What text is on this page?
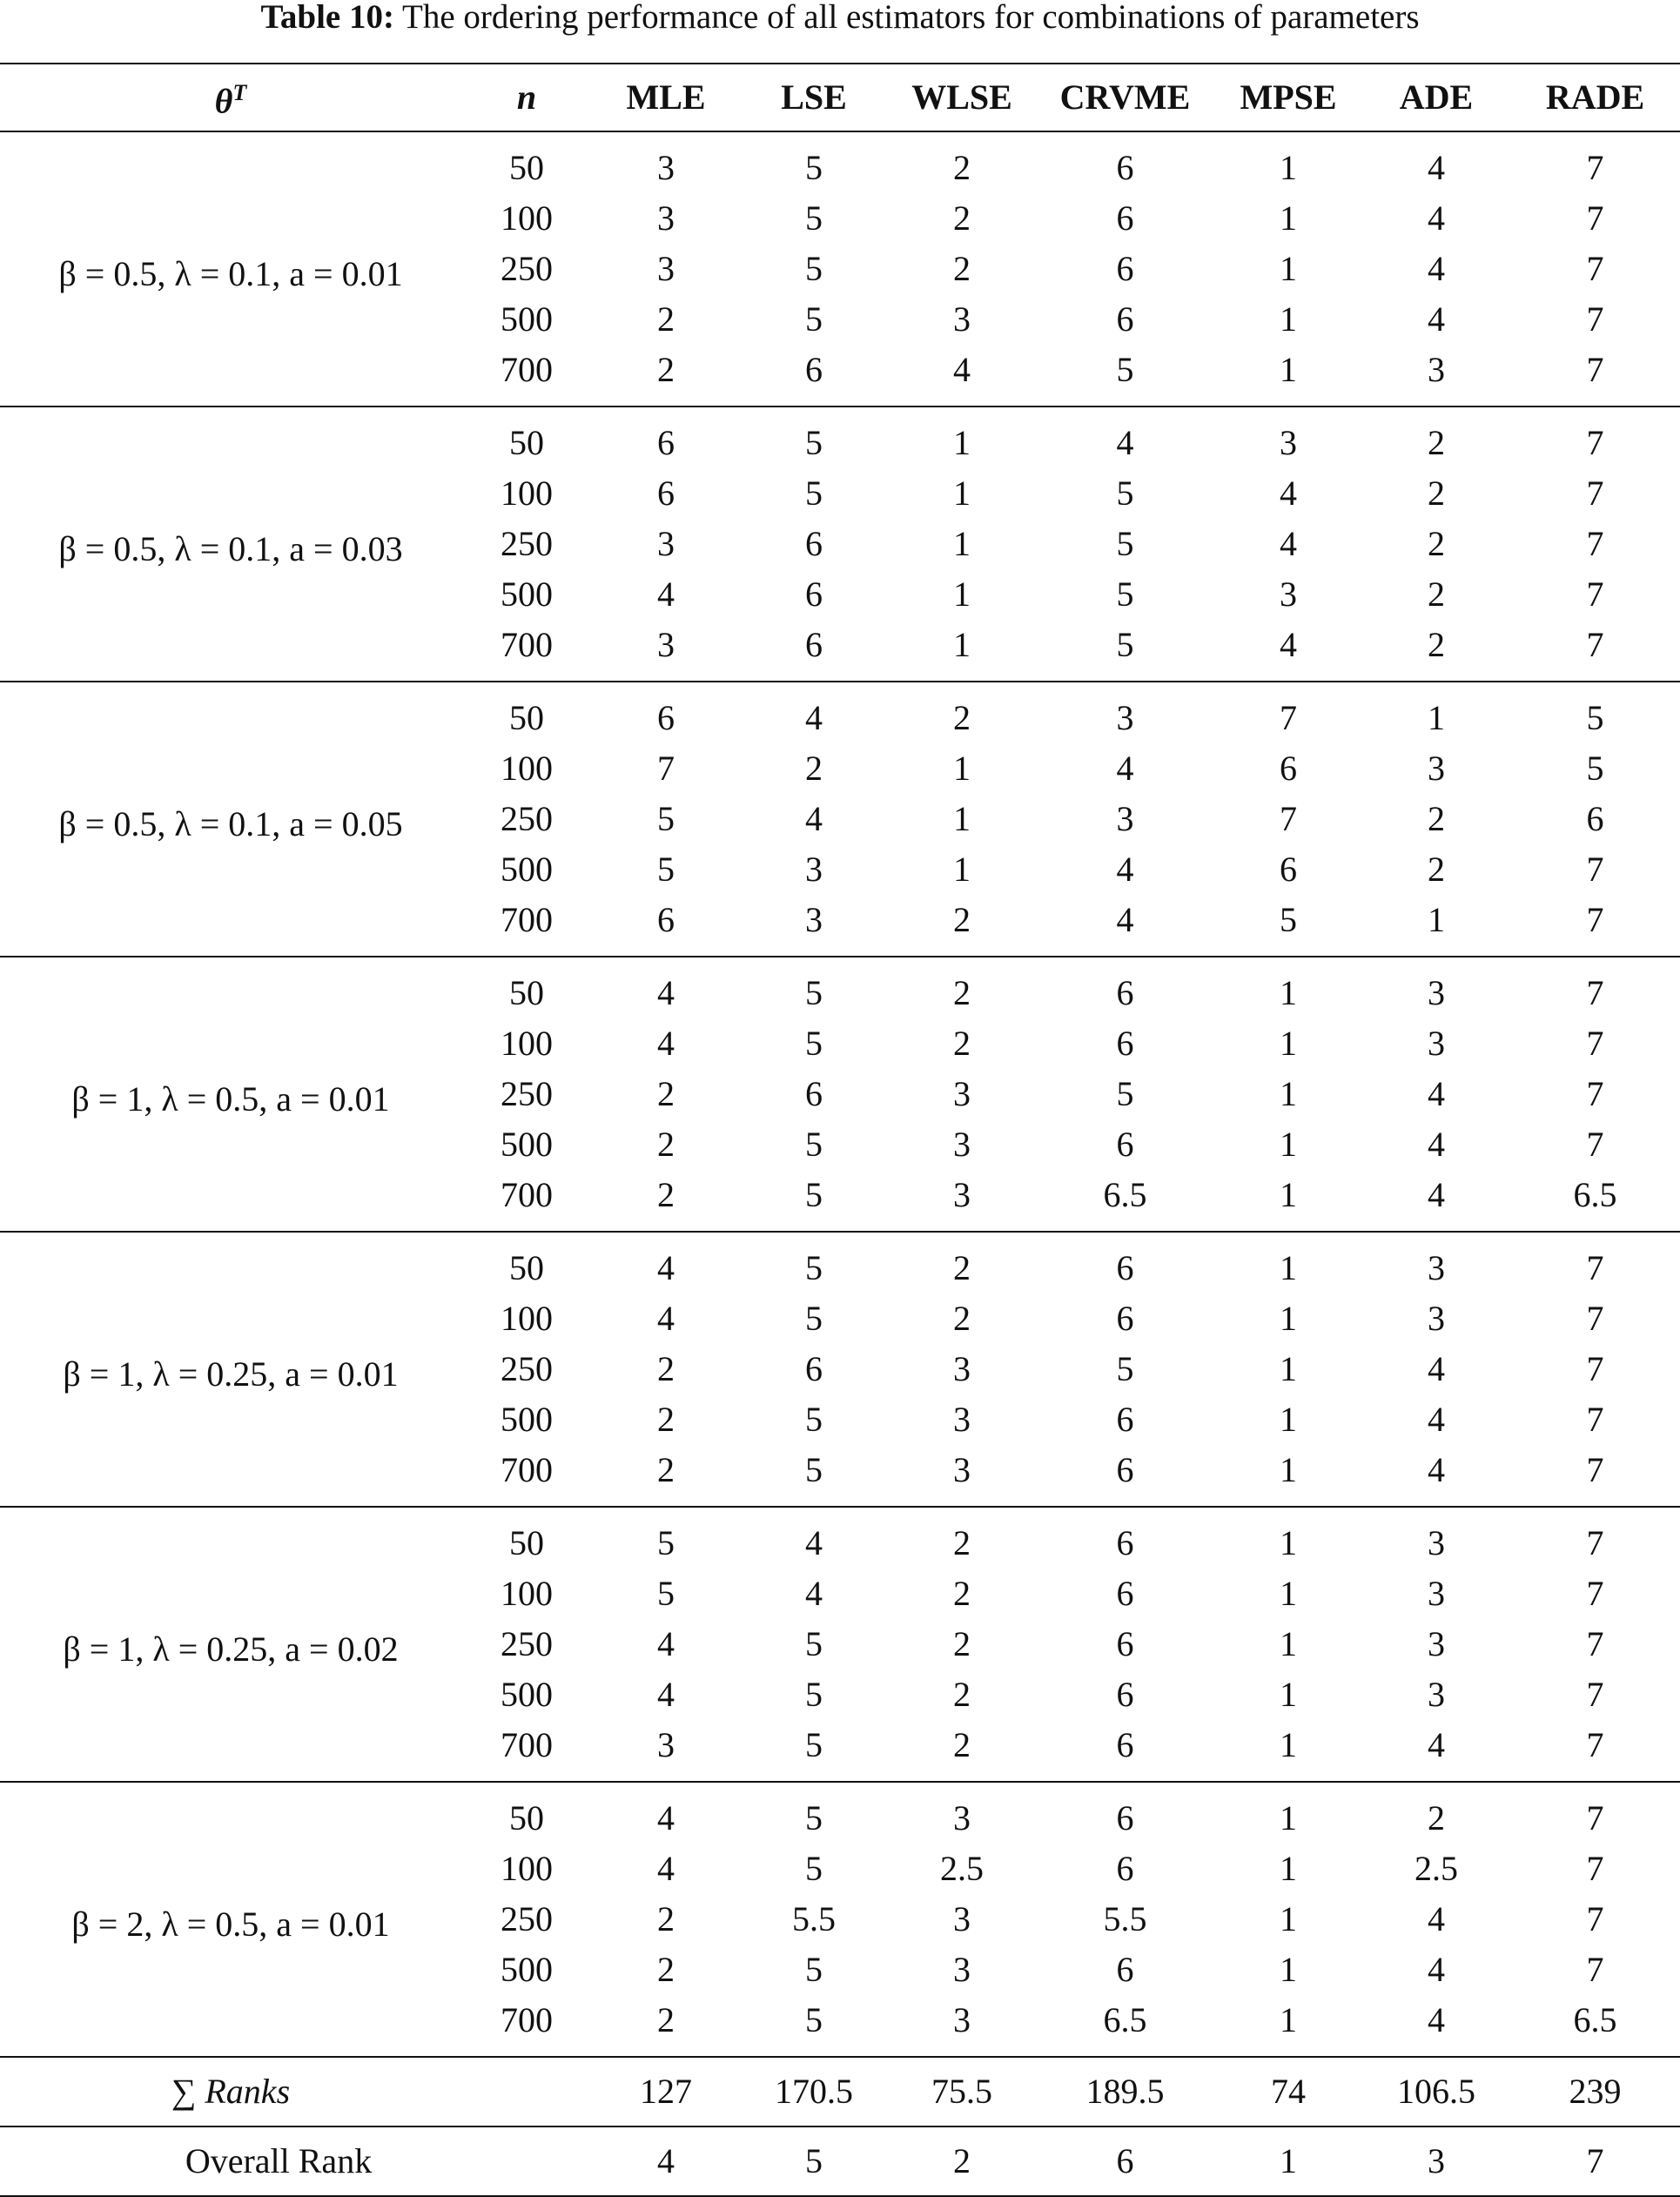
Table 10: The ordering performance of all estimators for combinations of parameters
$\theta^T$	n	MLE	LSE	WLSE	CRVME	MPSE	ADE	RADE
β = 0.5, λ = 0.1, a = 0.01	50	3	5	2	6	1	4	7
	100	3	5	2	6	1	4	7
	250	3	5	2	6	1	4	7
	500	2	5	3	6	1	4	7
	700	2	6	4	5	1	3	7
β = 0.5, λ = 0.1, a = 0.03	50	6	5	1	4	3	2	7
	100	6	5	1	5	4	2	7
	250	3	6	1	5	4	2	7
	500	4	6	1	5	3	2	7
	700	3	6	1	5	4	2	7
β = 0.5, λ = 0.1, a = 0.05	50	6	4	2	3	7	1	5
	100	7	2	1	4	6	3	5
	250	5	4	1	3	7	2	6
	500	5	3	1	4	6	2	7
	700	6	3	2	4	5	1	7
β = 1, λ = 0.5, a = 0.01	50	4	5	2	6	1	3	7
	100	4	5	2	6	1	3	7
	250	2	6	3	5	1	4	7
	500	2	5	3	6	1	4	7
	700	2	5	3	6.5	1	4	6.5
β = 1, λ = 0.25, a = 0.01	50	4	5	2	6	1	3	7
	100	4	5	2	6	1	3	7
	250	2	6	3	5	1	4	7
	500	2	5	3	6	1	4	7
	700	2	5	3	6	1	4	7
β = 1, λ = 0.25, a = 0.02	50	5	4	2	6	1	3	7
	100	5	4	2	6	1	3	7
	250	4	5	2	6	1	3	7
	500	4	5	2	6	1	3	7
	700	3	5	2	6	1	4	7
β = 2, λ = 0.5, a = 0.01	50	4	5	3	6	1	2	7
	100	4	5	2.5	6	1	2.5	7
	250	2	5.5	3	5.5	1	4	7
	500	2	5	3	6	1	4	7
	700	2	5	3	6.5	1	4	6.5
∑ Ranks		127	170.5	75.5	189.5	74	106.5	239
Overall Rank		4	5	2	6	1	3	7
